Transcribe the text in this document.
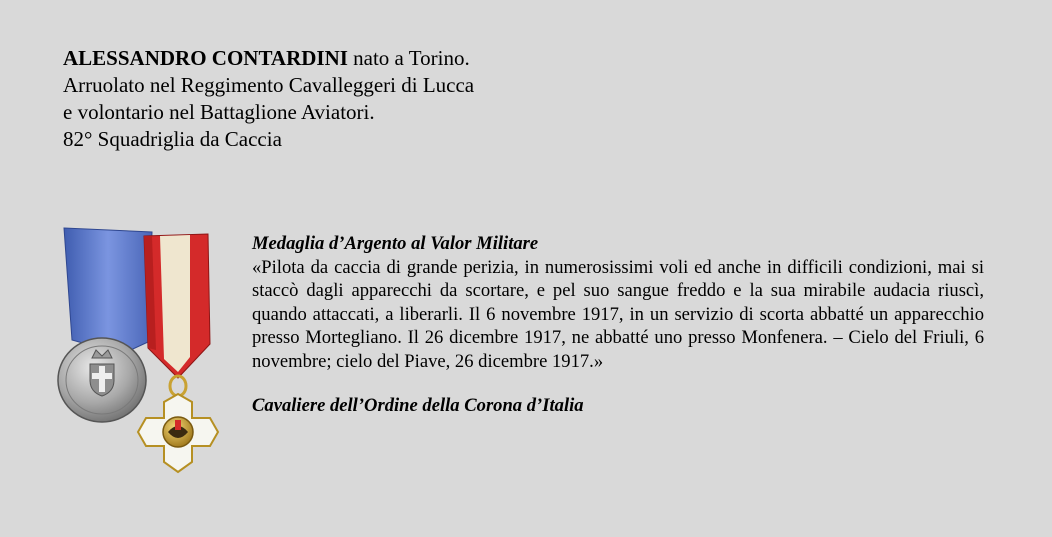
ALESSANDRO CONTARDINI nato a Torino.
Arruolato nel Reggimento Cavalleggeri di Lucca
e volontario nel Battaglione Aviatori.
82° Squadriglia da Caccia
Medaglia d’Argento al Valor Militare
«Pilota da caccia di grande perizia, in numerosissimi voli ed anche in difficili condizioni, mai si staccò dagli apparecchi da scortare, e pel suo sangue freddo e la sua mirabile audacia riuscì, quando attaccati, a liberarli. Il 6 novembre 1917, in un servizio di scorta abbatté un apparecchio presso Mortegliano. Il 26 dicembre 1917, ne abbatté uno presso Monfenera. – Cielo del Friuli, 6 novembre; cielo del Piave, 26 dicembre 1917.»
Cavaliere dell’Ordine della Corona d’Italia
